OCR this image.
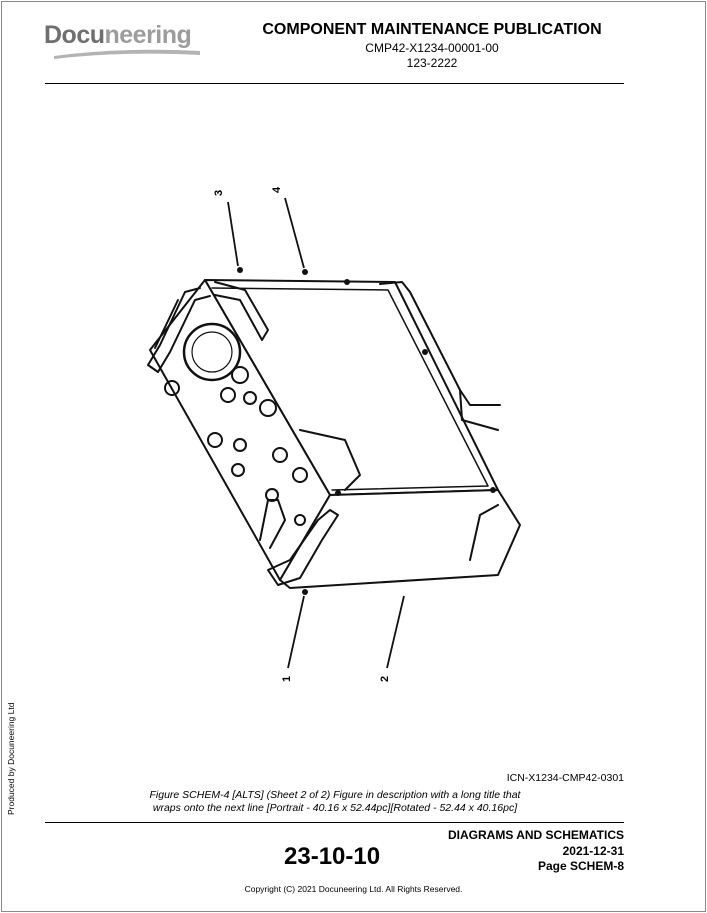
Docuneering	COMPONENT MAINTENANCE PUBLICATION
CMP42-X1234-00001-00
123-2222
3	4
1	2
ICN-X1234-CMP42-0301
Figure SCHEM-4 [ALTS] (Sheet 2 of 2) Figure in description with a long title that
wraps onto the next line [Portrait - 40.16 x 52.44pc][Rotated - 52.44 x 40.16pc]
DIAGRAMS AND SCHEMATICS
2021-12-31
Page SCHEM-8
23-10-10
Copyright (C) 2021 Docuneering Ltd. All Rights Reserved.
Produced by Docuneering Ltd
